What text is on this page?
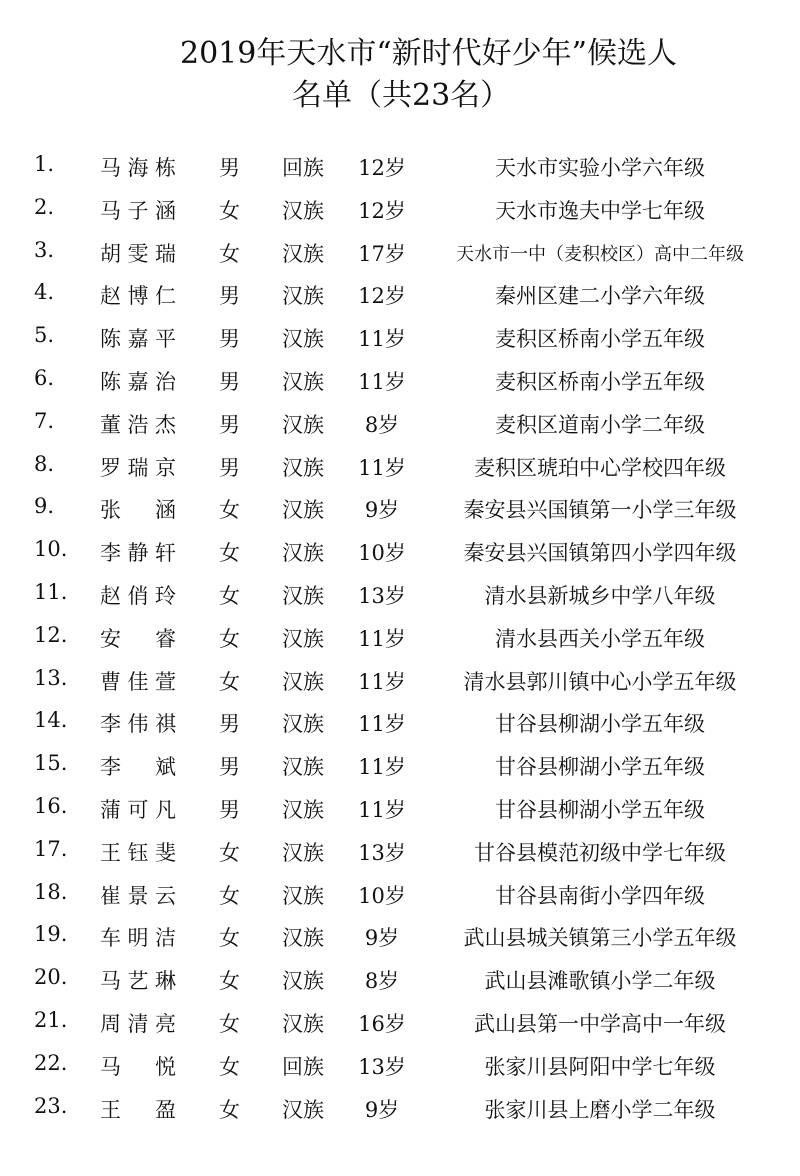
2019年天水市“新时代好少年”候选人
名单（共23名）
1. 马海栋 男 回族 12岁	天水市实验小学六年级
2. 马子涵 女 汉族 12岁	天水市逸夫中学七年级
3. 胡雯瑞 女 汉族 17岁	天水市一中（麦积校区）高中二年级
4. 赵博仁 男 汉族 12岁	秦州区建二小学六年级
5. 陈嘉平 男 汉族 11岁	麦积区桥南小学五年级
6. 陈嘉治 男 汉族 11岁	麦积区桥南小学五年级
7. 董浩杰 男 汉族	8岁	麦积区道南小学二年级
8. 罗瑞京 男 汉族 11岁	麦积区琥珀中心学校四年级
9. 张涵 女 汉族	9岁	秦安县兴国镇第一小学三年级
10. 李静轩 女 汉族 10岁	秦安县兴国镇第四小学四年级
11. 赵俏玲 女 汉族 13岁	清水县新城乡中学八年级
12. 安睿 女 汉族 11岁	清水县西关小学五年级
13. 曹佳萱 女 汉族 11岁	清水县郭川镇中心小学五年级
14. 李伟祺 男 汉族 11岁	甘谷县柳湖小学五年级
15. 李斌 男 汉族 11岁	甘谷县柳湖小学五年级
16. 蒲可凡 男 汉族 11岁	甘谷县柳湖小学五年级
17. 王钰斐 女 汉族 13岁	甘谷县模范初级中学七年级
18. 崔景云 女 汉族 10岁	甘谷县南街小学四年级
19. 车明洁 女 汉族	9岁	武山县城关镇第三小学五年级
20. 马艺琳 女 汉族	8岁	武山县滩歌镇小学二年级
21. 周清亮 女 汉族 16岁	武山县第一中学高中一年级
22. 马悦 女 回族 13岁	张家川县阿阳中学七年级
23. 王盈 女 汉族	9岁	张家川县上磨小学二年级
